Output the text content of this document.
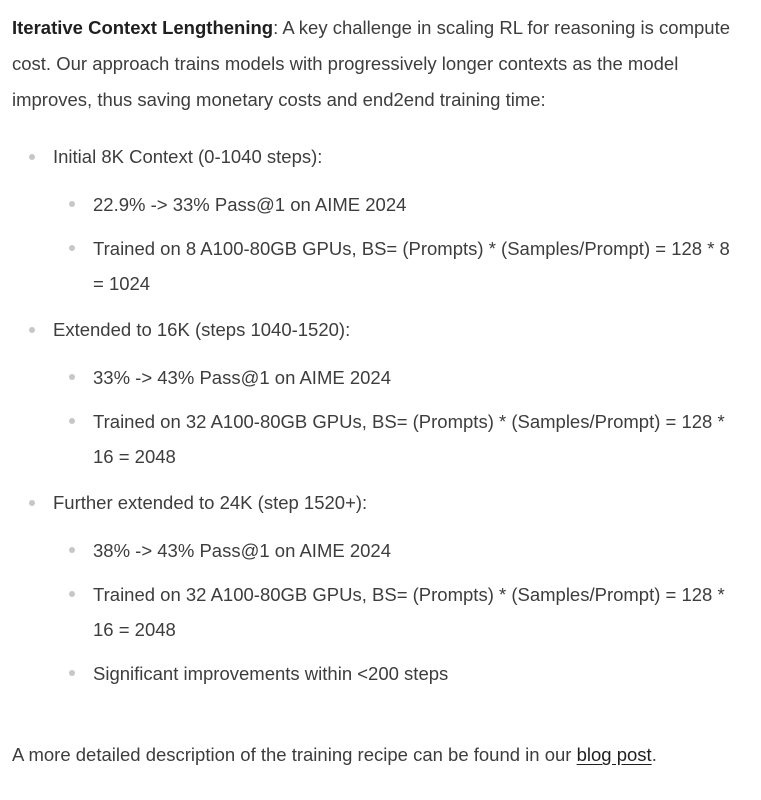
Iterative Context Lengthening: A key challenge in scaling RL for reasoning is compute cost. Our approach trains models with progressively longer contexts as the model improves, thus saving monetary costs and end2end training time:

Initial 8K Context (0-1040 steps):
22.9% -> 33% Pass@1 on AIME 2024
Trained on 8 A100-80GB GPUs, BS= (Prompts) * (Samples/Prompt) = 128 * 8 = 1024
Extended to 16K (steps 1040-1520):
33% -> 43% Pass@1 on AIME 2024
Trained on 32 A100-80GB GPUs, BS= (Prompts) * (Samples/Prompt) = 128 * 16 = 2048
Further extended to 24K (step 1520+):
38% -> 43% Pass@1 on AIME 2024
Trained on 32 A100-80GB GPUs, BS= (Prompts) * (Samples/Prompt) = 128 * 16 = 2048
Significant improvements within <200 steps

A more detailed description of the training recipe can be found in our blog post.
